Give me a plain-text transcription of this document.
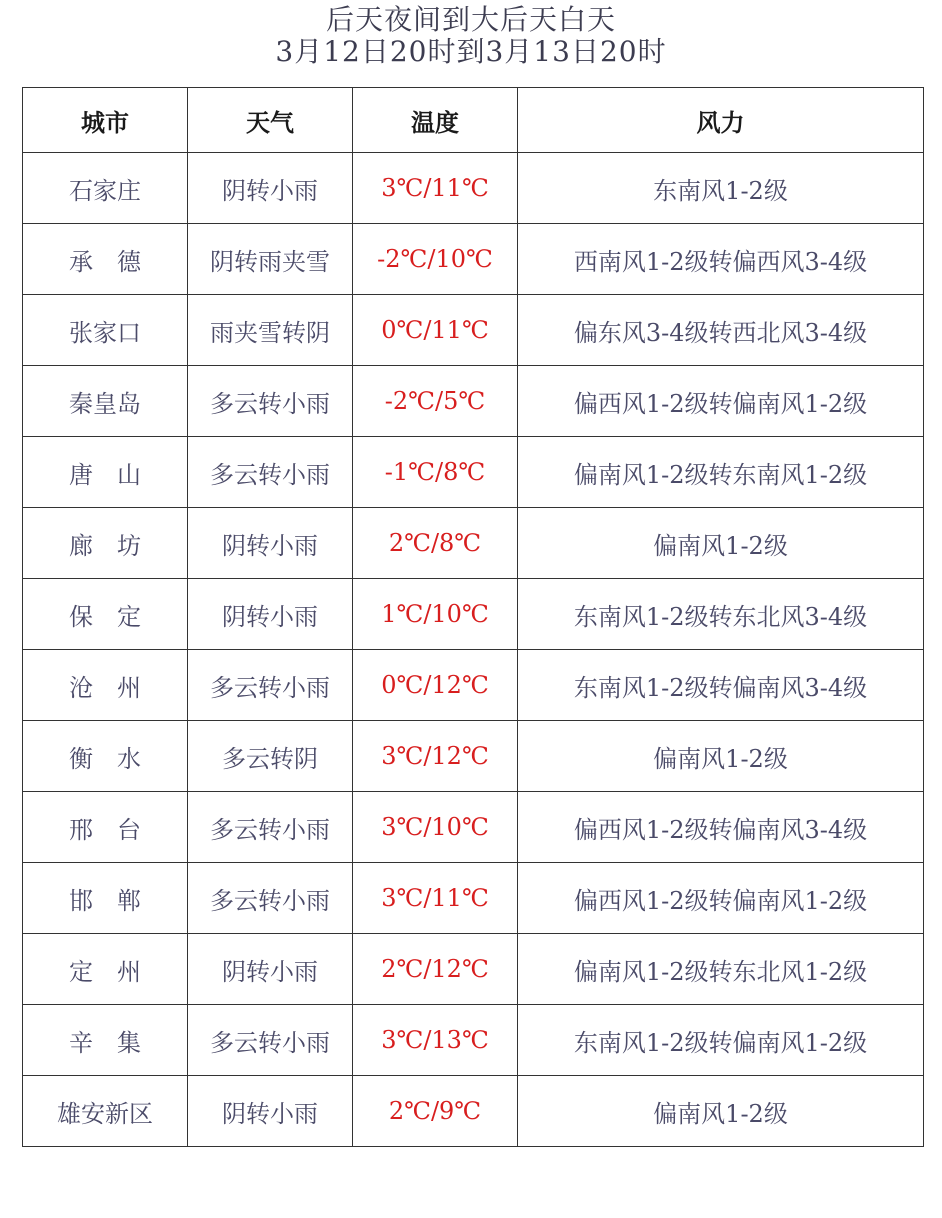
后天夜间到大后天白天
3月12日20时到3月13日20时
城市	天气	温度	风力
石家庄	阴转小雨	3℃/11℃	东南风1-2级
承　德	阴转雨夹雪	-2℃/10℃	西南风1-2级转偏西风3-4级
张家口	雨夹雪转阴	0℃/11℃	偏东风3-4级转西北风3-4级
秦皇岛	多云转小雨	-2℃/5℃	偏西风1-2级转偏南风1-2级
唐　山	多云转小雨	-1℃/8℃	偏南风1-2级转东南风1-2级
廊　坊	阴转小雨	2℃/8℃	偏南风1-2级
保　定	阴转小雨	1℃/10℃	东南风1-2级转东北风3-4级
沧　州	多云转小雨	0℃/12℃	东南风1-2级转偏南风3-4级
衡　水	多云转阴	3℃/12℃	偏南风1-2级
邢　台	多云转小雨	3℃/10℃	偏西风1-2级转偏南风3-4级
邯　郸	多云转小雨	3℃/11℃	偏西风1-2级转偏南风1-2级
定　州	阴转小雨	2℃/12℃	偏南风1-2级转东北风1-2级
辛　集	多云转小雨	3℃/13℃	东南风1-2级转偏南风1-2级
雄安新区	阴转小雨	2℃/9℃	偏南风1-2级
